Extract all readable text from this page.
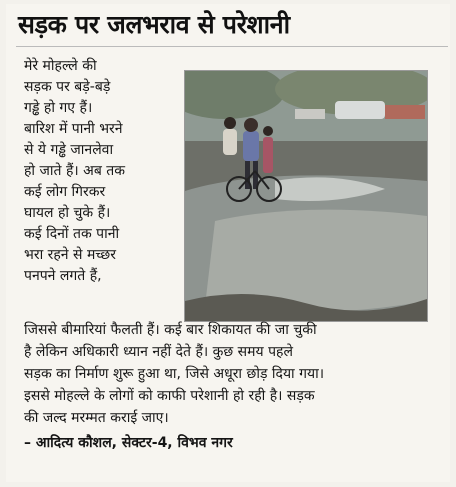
सड़क पर जलभराव से परेशानी
मेरे मोहल्ले की
सड़क पर बड़े-बड़े
गड्ढे हो गए हैं।
बारिश में पानी भरने
से ये गड्ढे जानलेवा
हो जाते हैं। अब तक
कई लोग गिरकर
घायल हो चुके हैं।
कई दिनों तक पानी
भरा रहने से मच्छर
पनपने लगते हैं,
जिससे बीमारियां फैलती हैं। कई बार शिकायत की जा चुकी
है लेकिन अधिकारी ध्यान नहीं देते हैं। कुछ समय पहले
सड़क का निर्माण शुरू हुआ था, जिसे अधूरा छोड़ दिया गया।
इससे मोहल्ले के लोगों को काफी परेशानी हो रही है। सड़क
की जल्द मरम्मत कराई जाए।
– आदित्य कौशल, सेक्टर-4, विभव नगर
